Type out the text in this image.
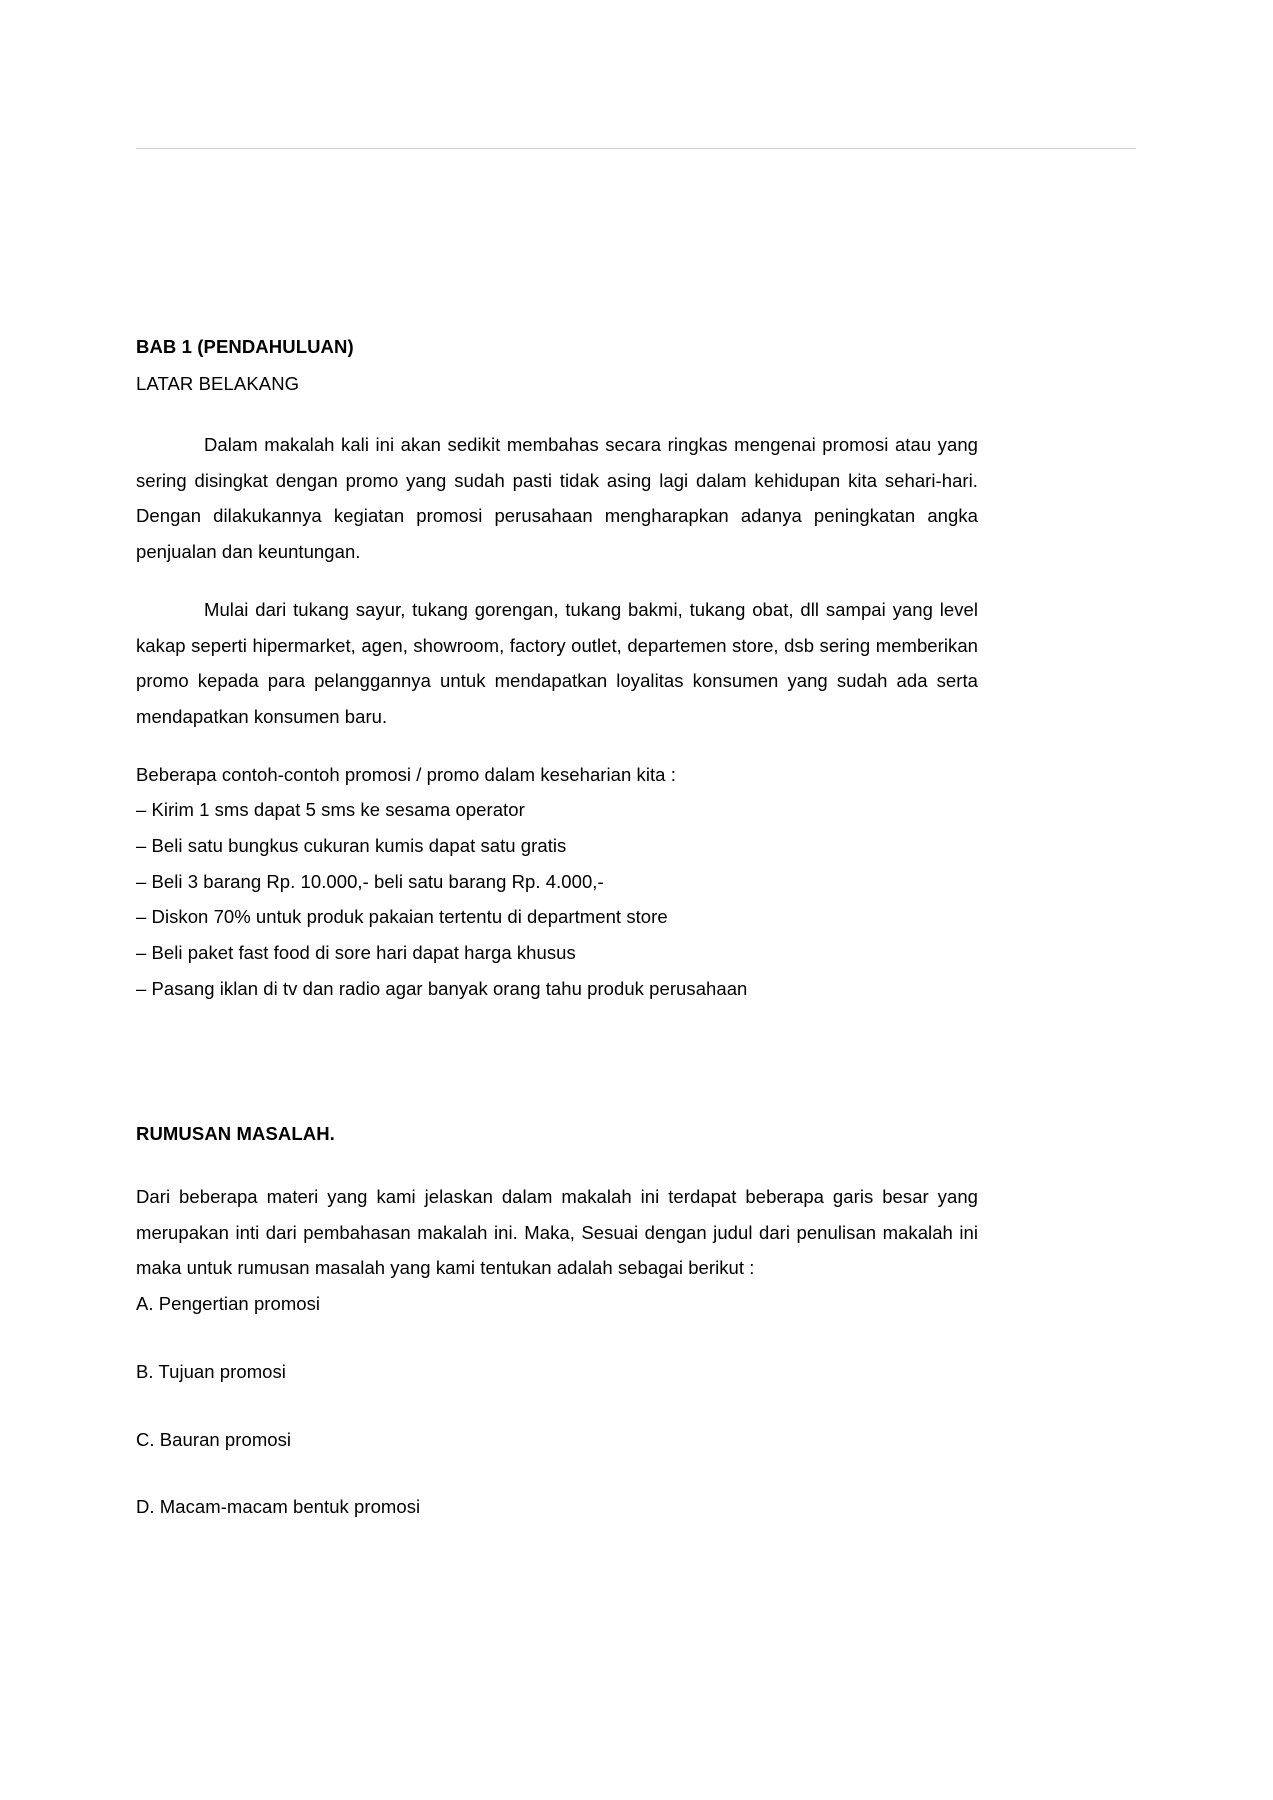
BAB 1 (PENDAHULUAN)
LATAR BELAKANG

Dalam makalah kali ini akan sedikit membahas secara ringkas mengenai promosi atau yang sering disingkat dengan promo yang sudah pasti tidak asing lagi dalam kehidupan kita sehari-hari. Dengan dilakukannya kegiatan promosi perusahaan mengharapkan adanya peningkatan angka penjualan dan keuntungan.

Mulai dari tukang sayur, tukang gorengan, tukang bakmi, tukang obat, dll sampai yang level kakap seperti hipermarket, agen, showroom, factory outlet, departemen store, dsb sering memberikan promo kepada para pelanggannya untuk mendapatkan loyalitas konsumen yang sudah ada serta mendapatkan konsumen baru.

Beberapa contoh-contoh promosi / promo dalam keseharian kita :

– Kirim 1 sms dapat 5 sms ke sesama operator
– Beli satu bungkus cukuran kumis dapat satu gratis
– Beli 3 barang Rp. 10.000,- beli satu barang Rp. 4.000,-
– Diskon 70% untuk produk pakaian tertentu di department store
– Beli paket fast food di sore hari dapat harga khusus
– Pasang iklan di tv dan radio agar banyak orang tahu produk perusahaan
RUMUSAN MASALAH.

Dari beberapa materi yang kami jelaskan dalam makalah ini terdapat beberapa garis besar yang merupakan inti dari pembahasan makalah ini. Maka, Sesuai dengan judul dari penulisan makalah ini maka untuk rumusan masalah yang kami tentukan adalah sebagai berikut :

A. Pengertian promosi
B. Tujuan promosi
C. Bauran promosi
D. Macam-macam bentuk promosi
